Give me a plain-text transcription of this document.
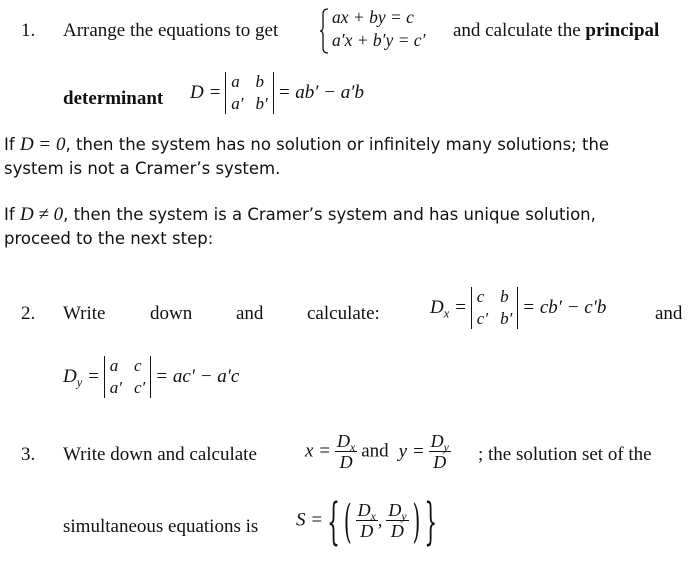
1. Arrange the equations to get
ax + by = c
a′x + b′y = c′ and calculate the principal
determinant D =
a b
a′ b′
= ab′ − a′b
If D = 0, then the system has no solution or infinitely many solutions; the
system is not a Cramer’s system.
If D ≠ 0, then the system is a Cramer’s system and has unique solution,
proceed to the next step:
2. Write down and calculate:	$D_x$ =
c b
c′ b′
= cb′ − c′b	and
$D_y$ =
a c
a′ c′
= ac′ − a′c
3. Write down and calculate	$x = \frac{D_x}{D}$ and $y = \frac{D_y}{D}$ ; the solution set of the
simultaneous equations is S = { ( $\frac{D_x}{D}$ , $\frac{D_y}{D}$ ) }
